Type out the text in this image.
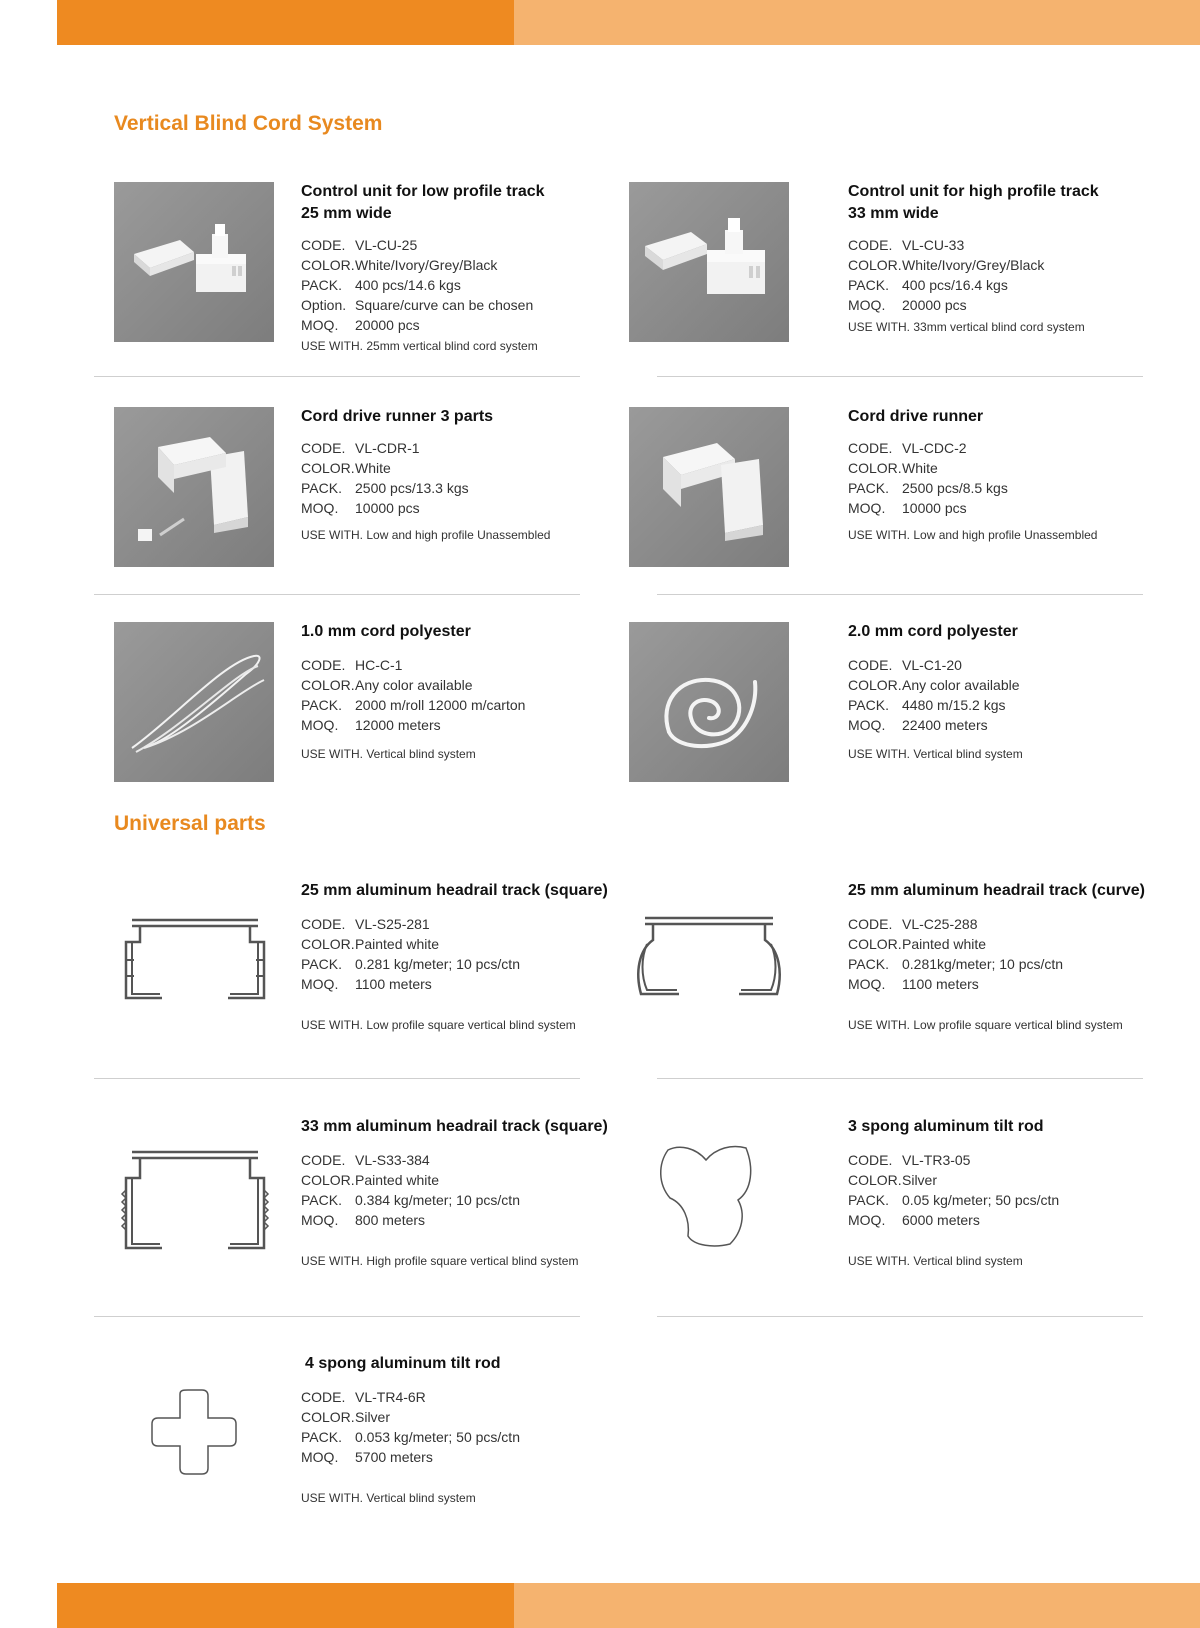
Vertical Blind Cord System
Control unit for low profile track
25 mm wide
CODE. VL-CU-25
COLOR.White/Ivory/Grey/Black
PACK. 400 pcs/14.6 kgs
Option. Square/curve can be chosen
MOQ. 20000 pcs
USE WITH. 25mm vertical blind cord system
Control unit for high profile track
33 mm wide
CODE. VL-CU-33
COLOR.White/Ivory/Grey/Black
PACK. 400 pcs/16.4 kgs
MOQ. 20000 pcs
USE WITH. 33mm vertical blind cord system
Cord drive runner 3 parts
CODE. VL-CDR-1
COLOR.White
PACK. 2500 pcs/13.3 kgs
MOQ. 10000 pcs
USE WITH. Low and high profile Unassembled
Cord drive runner
CODE. VL-CDC-2
COLOR.White
PACK. 2500 pcs/8.5 kgs
MOQ. 10000 pcs
USE WITH. Low and high profile Unassembled
1.0 mm cord polyester
CODE. HC-C-1
COLOR.Any color available
PACK. 2000 m/roll 12000 m/carton
MOQ. 12000 meters
USE WITH. Vertical blind system
2.0 mm cord polyester
CODE. VL-C1-20
COLOR.Any color available
PACK. 4480 m/15.2 kgs
MOQ. 22400 meters
USE WITH. Vertical blind system
Universal parts
25 mm aluminum headrail track (square)
CODE. VL-S25-281
COLOR.Painted white
PACK. 0.281 kg/meter; 10 pcs/ctn
MOQ. 1100 meters
USE WITH. Low profile square vertical blind system
25 mm aluminum headrail track (curve)
CODE. VL-C25-288
COLOR.Painted white
PACK. 0.281kg/meter; 10 pcs/ctn
MOQ. 1100 meters
USE WITH. Low profile square vertical blind system
33 mm aluminum headrail track (square)
CODE. VL-S33-384
COLOR.Painted white
PACK. 0.384 kg/meter; 10 pcs/ctn
MOQ. 800 meters
USE WITH. High profile square vertical blind system
3 spong aluminum tilt rod
CODE. VL-TR3-05
COLOR.Silver
PACK. 0.05 kg/meter; 50 pcs/ctn
MOQ. 6000 meters
USE WITH. Vertical blind system
4 spong aluminum tilt rod
CODE. VL-TR4-6R
COLOR.Silver
PACK. 0.053 kg/meter; 50 pcs/ctn
MOQ. 5700 meters
USE WITH. Vertical blind system
